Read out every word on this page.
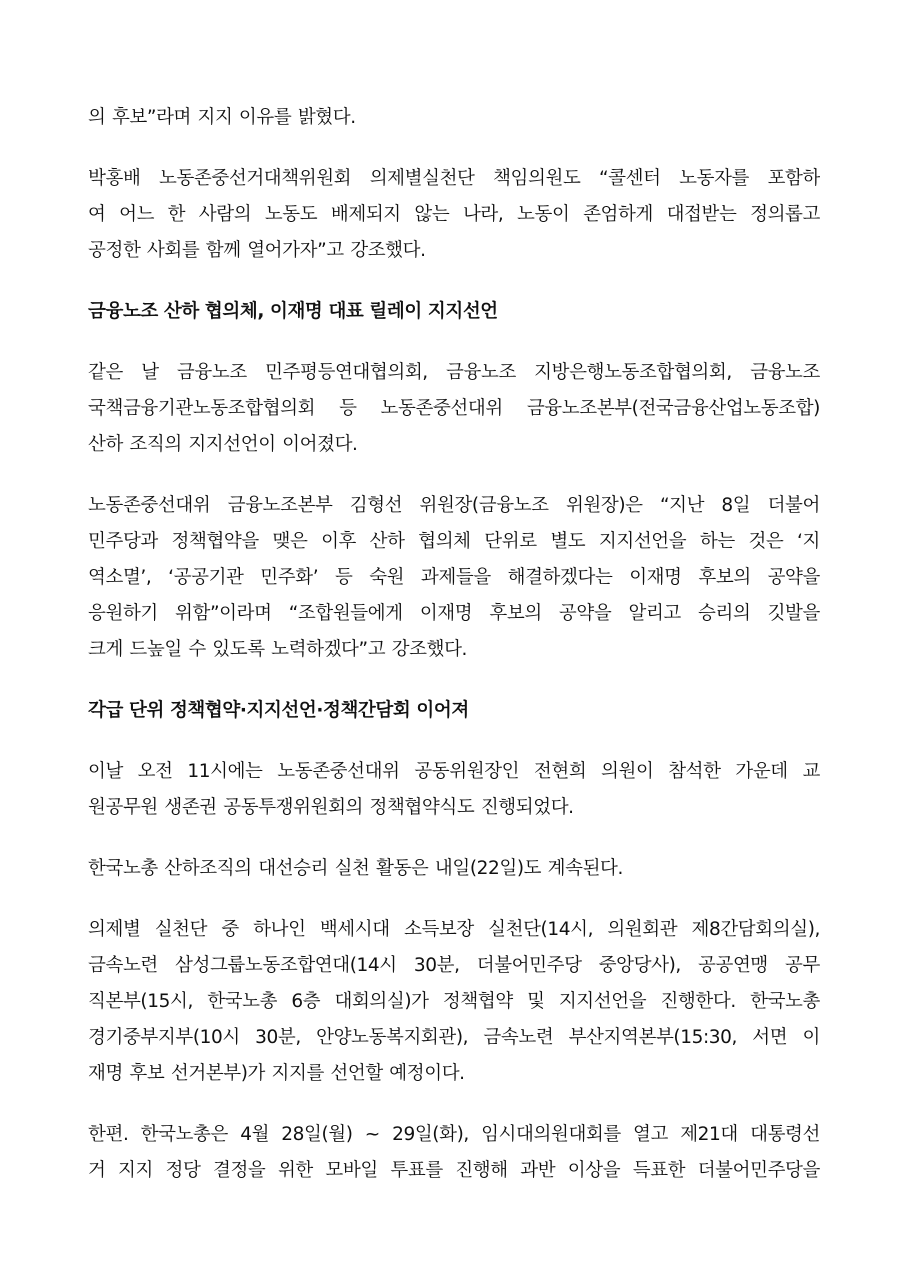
의 후보”라며 지지 이유를 밝혔다.

박홍배 노동존중선거대책위원회 의제별실천단 책임의원도 “콜센터 노동자를 포함하
여 어느 한 사람의 노동도 배제되지 않는 나라, 노동이 존엄하게 대접받는 정의롭고
공정한 사회를 함께 열어가자”고 강조했다.

금융노조 산하 협의체, 이재명 대표 릴레이 지지선언

같은 날 금융노조 민주평등연대협의회, 금융노조 지방은행노동조합협의회, 금융노조
국책금융기관노동조합협의회 등 노동존중선대위 금융노조본부(전국금융산업노동조합)
산하 조직의 지지선언이 이어졌다.

노동존중선대위 금융노조본부 김형선 위원장(금융노조 위원장)은 “지난 8일 더불어
민주당과 정책협약을 맺은 이후 산하 협의체 단위로 별도 지지선언을 하는 것은 ‘지
역소멸’, ‘공공기관 민주화’ 등 숙원 과제들을 해결하겠다는 이재명 후보의 공약을
응원하기 위함”이라며 “조합원들에게 이재명 후보의 공약을 알리고 승리의 깃발을
크게 드높일 수 있도록 노력하겠다”고 강조했다.

각급 단위 정책협약·지지선언·정책간담회 이어져

이날 오전 11시에는 노동존중선대위 공동위원장인 전현희 의원이 참석한 가운데 교
원공무원 생존권 공동투쟁위원회의 정책협약식도 진행되었다.

한국노총 산하조직의 대선승리 실천 활동은 내일(22일)도 계속된다.

의제별 실천단 중 하나인 백세시대 소득보장 실천단(14시, 의원회관 제8간담회의실),
금속노련 삼성그룹노동조합연대(14시 30분, 더불어민주당 중앙당사), 공공연맹 공무
직본부(15시, 한국노총 6층 대회의실)가 정책협약 및 지지선언을 진행한다. 한국노총
경기중부지부(10시 30분, 안양노동복지회관), 금속노련 부산지역본부(15:30, 서면 이
재명 후보 선거본부)가 지지를 선언할 예정이다.

한편. 한국노총은 4월 28일(월) ~ 29일(화), 임시대의원대회를 열고 제21대 대통령선
거 지지 정당 결정을 위한 모바일 투표를 진행해 과반 이상을 득표한 더불어민주당을
